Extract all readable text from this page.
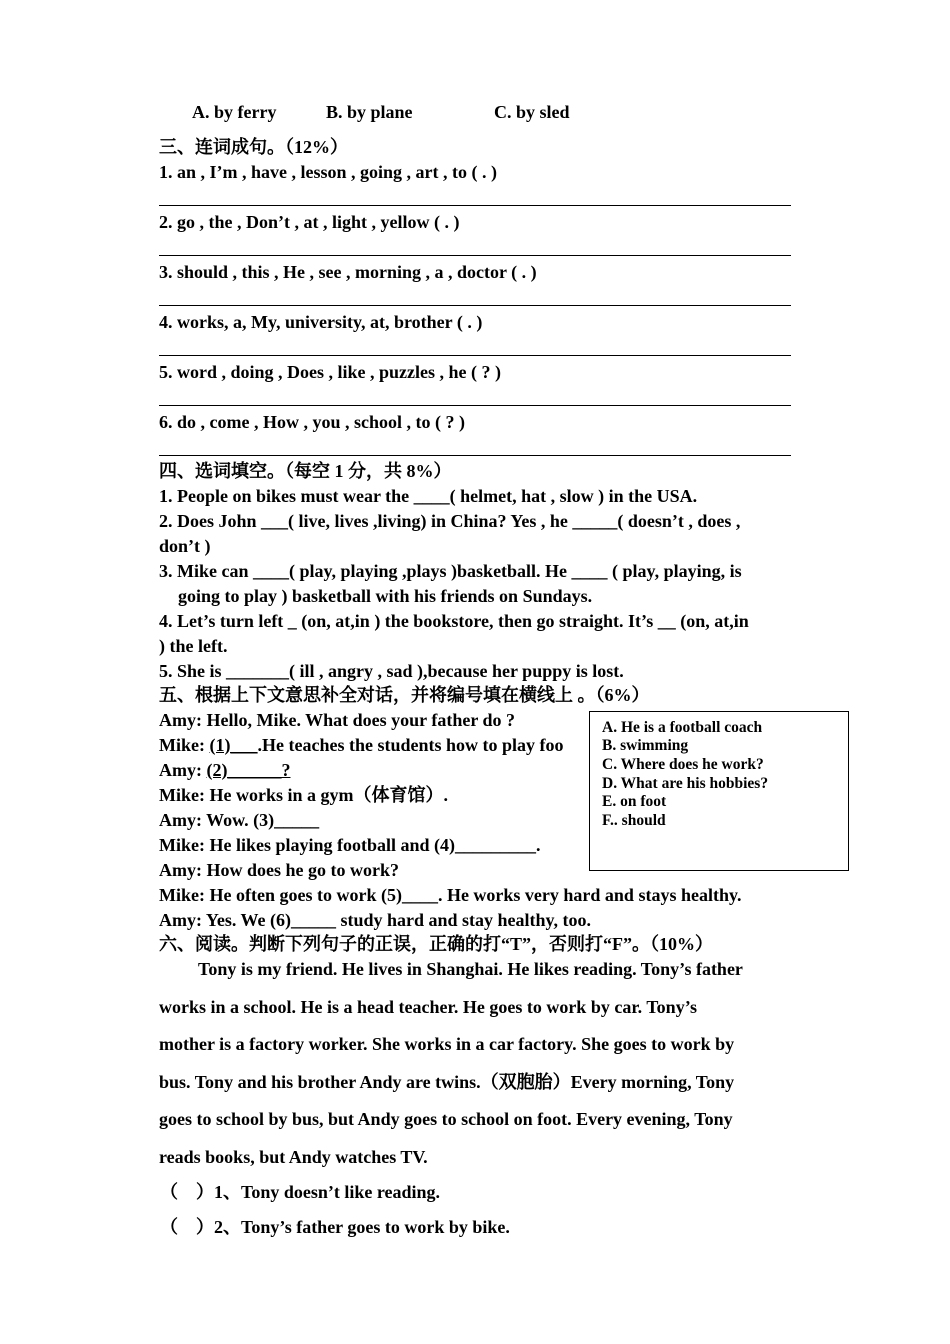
A. by ferry	B. by plane	C. by sled
三、连词成句。（12%）
1. an , I’m , have , lesson , going , art , to ( . )
2. go , the , Don’t , at , light , yellow ( . )
3. should , this , He , see , morning , a , doctor ( . )
4. works, a, My, university, at, brother ( . )
5. word , doing , Does , like , puzzles , he ( ? )
6. do , come , How , you , school , to ( ? )
四、选词填空。（每空 1 分，共 8%）
1. People on bikes must wear the ____( helmet, hat , slow ) in the USA.
2. Does John ___( live, lives ,living) in China? Yes , he _____( doesn’t , does ,
don’t )
3. Mike can ____( play, playing ,plays )basketball. He ____ ( play, playing, is
going to play ) basketball with his friends on Sundays.
4. Let’s turn left _ (on, at,in ) the bookstore, then go straight. It’s __ (on, at,in
) the left.
5. She is _______( ill , angry , sad ),because her puppy is lost.
五、根据上下文意思补全对话，并将编号填在横线上 。（6%）
Amy: Hello, Mike. What does your father do ?
Mike: (1)___.He teaches the students how to play foo
Amy: (2)______?
Mike: He works in a gym（体育馆）.
Amy: Wow. (3)_____
Mike: He likes playing football and (4)_________.
Amy: How does he go to work?
Mike: He often goes to work (5)____. He works very hard and stays healthy.
Amy: Yes. We (6)_____ study hard and stay healthy, too.
A. He is a football coach
B. swimming
C. Where does he work?
D. What are his hobbies?
E. on foot
F.. should
六、阅读。判断下列句子的正误，正确的打“T”，否则打“F”。（10%）
Tony is my friend. He lives in Shanghai. He likes reading. Tony’s father
works in a school. He is a head teacher. He goes to work by car. Tony’s
mother is a factory worker. She works in a car factory. She goes to work by
bus. Tony and his brother Andy are twins.（双胞胎）Every morning, Tony
goes to school by bus, but Andy goes to school on foot. Every evening, Tony
reads books, but Andy watches TV.
（　）1、Tony doesn’t like reading.
（　）2、Tony’s father goes to work by bike.
